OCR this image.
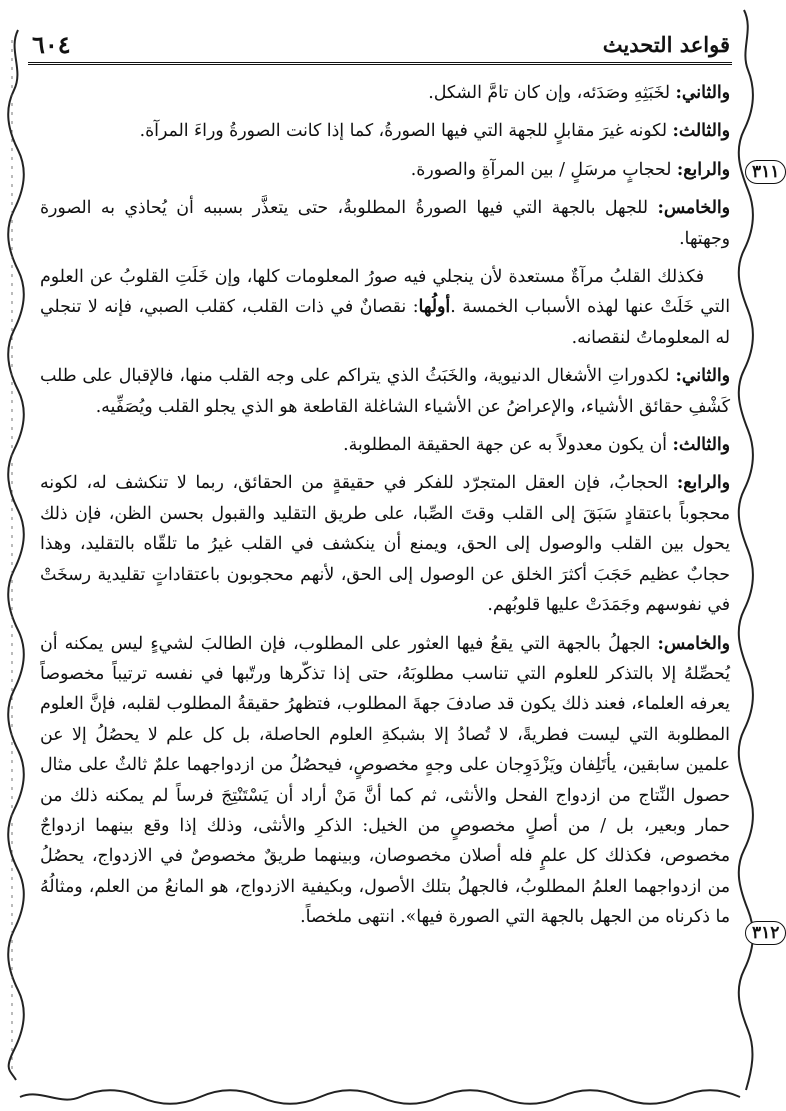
قواعد التحديث
٦٠٤
٣١١
٣١٢

والثاني: لخَبَثِهِ وصَدَئه، وإن كان تامَّ الشكل.

والثالث: لكونه غيرَ مقابلٍ للجهة التي فيها الصورةُ، كما إذا كانت الصورةُ وراءَ المرآة.

والرابع: لحجابٍ مرسَلٍ / بين المرآةِ والصورة.

والخامس: للجهل بالجهة التي فيها الصورةُ المطلوبةُ، حتى يتعذَّر بسببه أن يُحاذي به الصورة وجهتها.

فكذلك القلبُ مرآةٌ مستعدة لأن ينجلي فيه صورُ المعلومات كلها، وإن خَلَتِ القلوبُ عن العلوم التي خَلَتْ عنها لهذه الأسباب الخمسة .أولُها: نقصانٌ في ذات القلب، كقلب الصبي، فإنه لا تنجلي له المعلوماتُ لنقصانه.

والثاني: لكدوراتِ الأشغال الدنيوية، والخَبَثُ الذي يتراكم على وجه القلب منها، فالإقبال على طلب كَشْفِ حقائق الأشياء، والإعراضُ عن الأشياء الشاغلة القاطعة هو الذي يجلو القلب ويُصَفِّيه.

والثالث: أن يكون معدولاً به عن جهة الحقيقة المطلوبة.

والرابع: الحجابُ، فإن العقل المتجرّد للفكر في حقيقةٍ من الحقائق، ربما لا تنكشف له، لكونه محجوباً باعتقادٍ سَبَقَ إلى القلب وقتَ الصِّبا، على طريق التقليد والقبول بحسن الظن، فإن ذلك يحول بين القلب والوصول إلى الحق، ويمنع أن ينكشف في القلب غيرُ ما تلقّاه بالتقليد، وهذا حجابٌ عظيم حَجَبَ أكثرَ الخلق عن الوصول إلى الحق، لأنهم محجوبون باعتقاداتٍ تقليدية رسخَتْ في نفوسهم وجَمَدَتْ عليها قلوبُهم.

والخامس: الجهلُ بالجهة التي يقعُ فيها العثور على المطلوب، فإن الطالبَ لشيءٍ ليس يمكنه أن يُحصِّلهُ إلا بالتذكر للعلوم التي تناسب مطلوبَهُ، حتى إذا تذكّرها ورتّبها في نفسه ترتيباً مخصوصاً يعرفه العلماء، فعند ذلك يكون قد صادفَ جهةَ المطلوب، فتظهرُ حقيقةُ المطلوب لقلبه، فإنَّ العلوم المطلوبة التي ليست فطريةً، لا تُصادُ إلا بشبكةِ العلوم الحاصلة، بل كل علم لا يحصُلُ إلا عن علمين سابقين، يأتَلِفان ويَزْدَوِجان على وجهٍ مخصوصٍ، فيحصُلُ من ازدواجهما علمٌ ثالثٌ على مثال حصول النِّتاج من ازدواج الفحل والأنثى، ثم كما أنَّ مَنْ أراد أن يَسْتَنْتِجَ فرساً لم يمكنه ذلك من حمار وبعير، بل / من أصلٍ مخصوصٍ من الخيل: الذكرِ والأنثى، وذلك إذا وقع بينهما ازدواجٌ مخصوص، فكذلك كل علمٍ فله أصلان مخصوصان، وبينهما طريقٌ مخصوصٌ في الازدواج، يحصُلُ من ازدواجهما العلمُ المطلوبُ، فالجهلُ بتلك الأصول، وبكيفية الازدواج، هو المانعُ من العلم، ومثالُهُ ما ذكرناه من الجهل بالجهة التي الصورة فيها». انتهى ملخصاً.
